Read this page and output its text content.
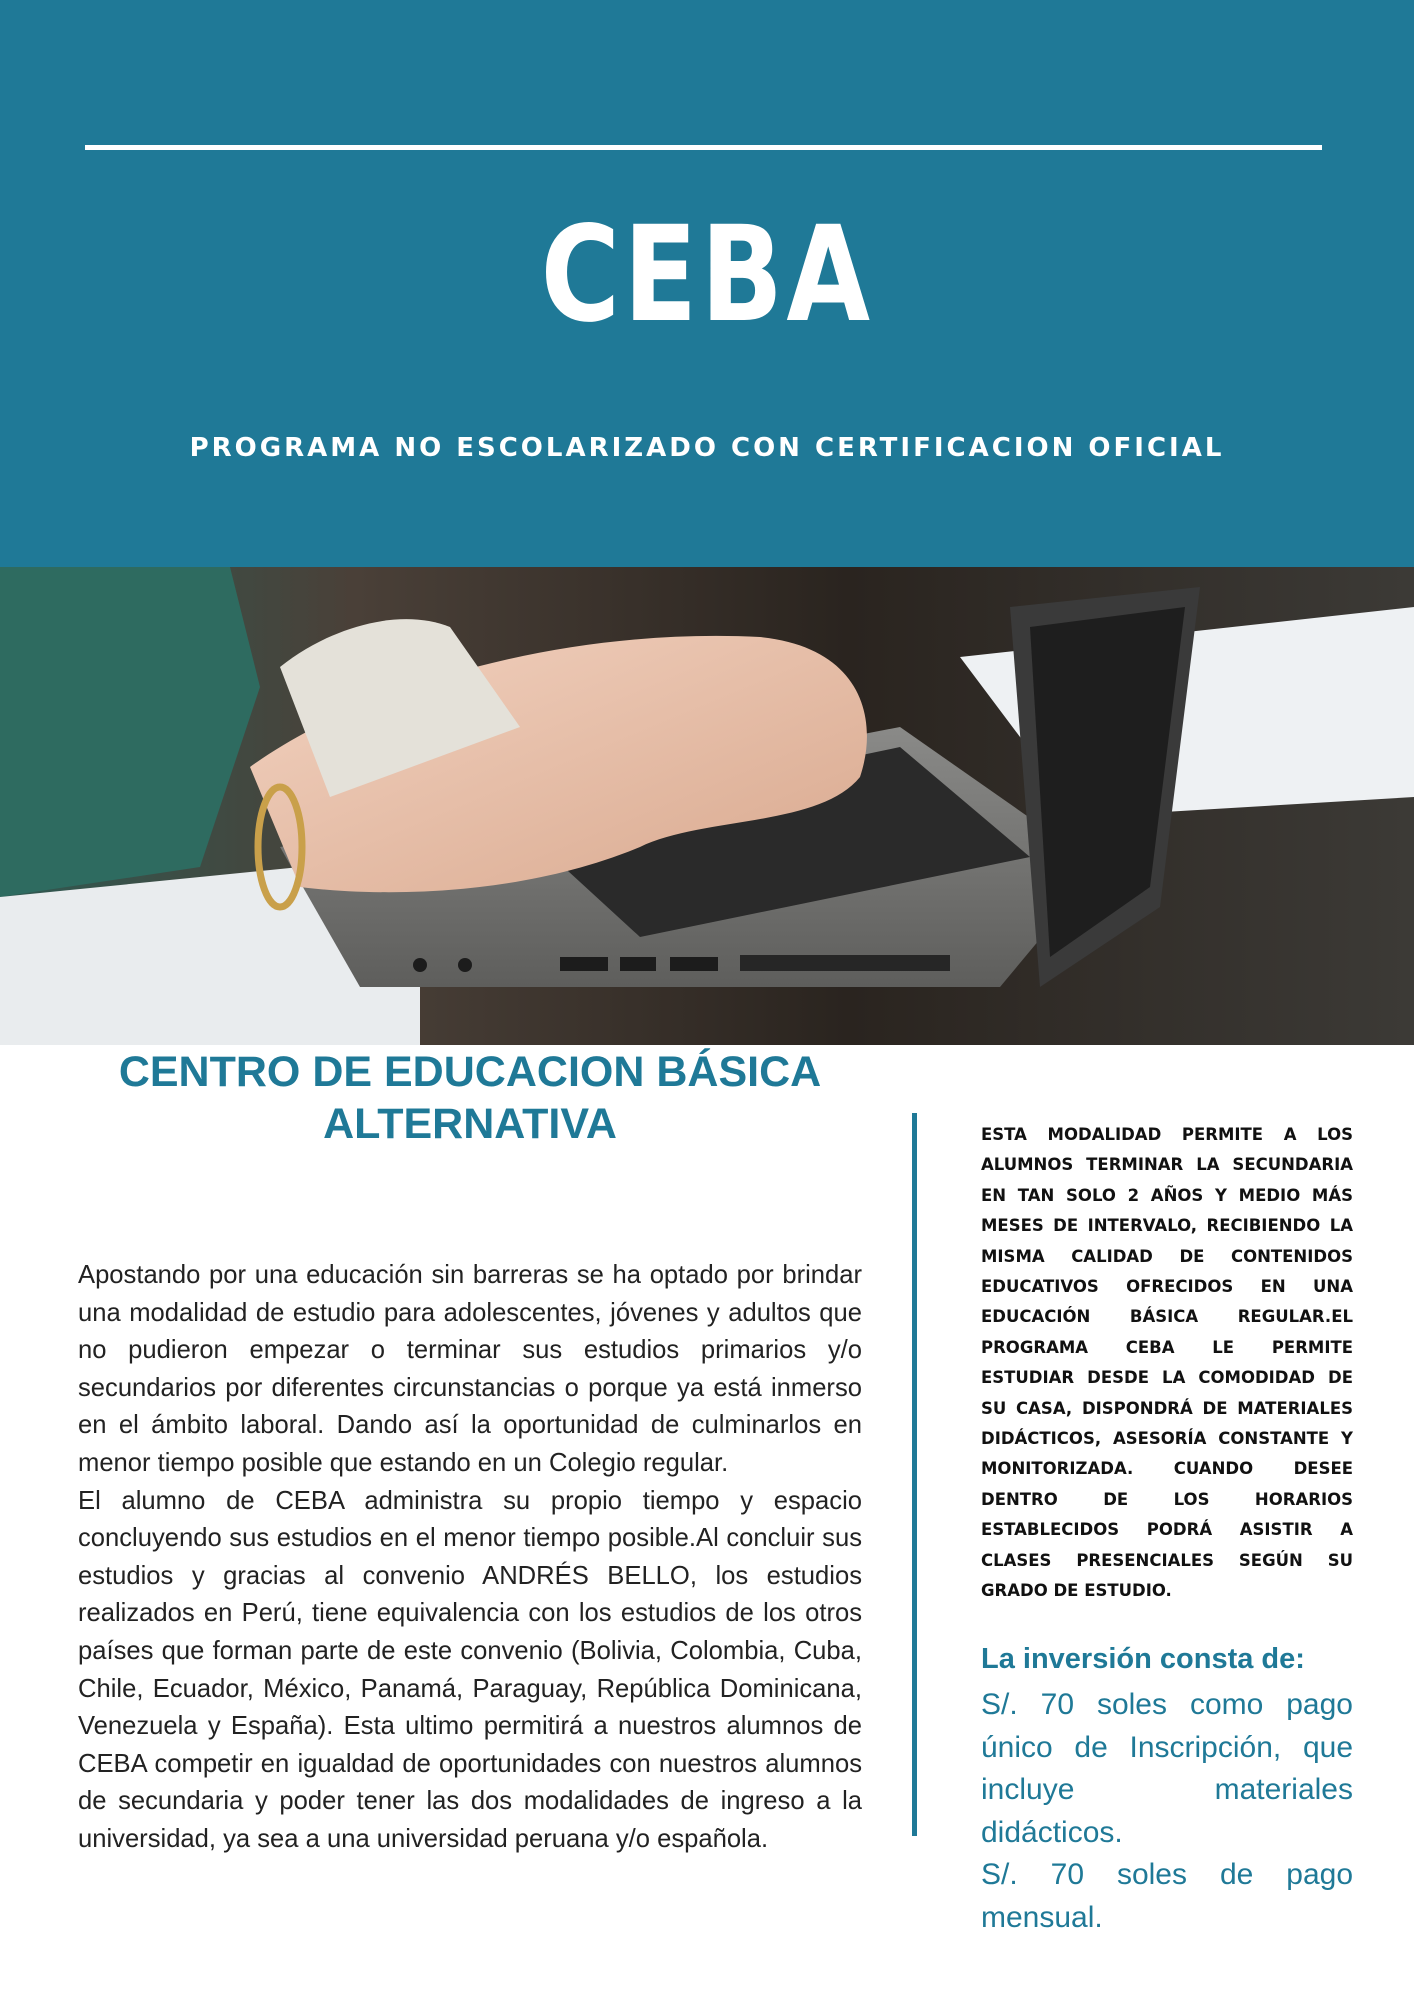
CEBA
PROGRAMA NO ESCOLARIZADO CON CERTIFICACION OFICIAL
CENTRO DE EDUCACION BÁSICA
ALTERNATIVA

Apostando por una educación sin barreras se ha optado por brindar una modalidad de estudio para adolescentes, jóvenes y adultos que no pudieron empezar o terminar sus estudios primarios y/o secundarios por diferentes circunstancias o porque ya está inmerso en el ámbito laboral. Dando así la oportunidad de culminarlos en menor tiempo posible que estando en un Colegio regular.

El alumno de CEBA administra su propio tiempo y espacio concluyendo sus estudios en el menor tiempo posible.Al concluir sus estudios y gracias al convenio ANDRÉS BELLO, los estudios realizados en Perú, tiene equivalencia con los estudios de los otros países que forman parte de este convenio (Bolivia, Colombia, Cuba, Chile, Ecuador, México, Panamá, Paraguay, República Dominicana, Venezuela y España). Esta ultimo permitirá a nuestros alumnos de CEBA competir en igualdad de oportunidades con nuestros alumnos de secundaria y poder tener las dos modalidades de ingreso a la universidad, ya sea a una universidad peruana y/o española.

ESTA MODALIDAD PERMITE A LOS ALUMNOS TERMINAR LA SECUNDARIA EN TAN SOLO 2 AÑOS Y MEDIO MÁS MESES DE INTERVALO, RECIBIENDO LA MISMA CALIDAD DE CONTENIDOS EDUCATIVOS OFRECIDOS EN UNA EDUCACIÓN BÁSICA REGULAR.EL PROGRAMA CEBA LE PERMITE ESTUDIAR DESDE LA COMODIDAD DE SU CASA, DISPONDRÁ DE MATERIALES DIDÁCTICOS, ASESORÍA CONSTANTE Y MONITORIZADA. CUANDO DESEE DENTRO DE LOS HORARIOS ESTABLECIDOS PODRÁ ASISTIR A CLASES PRESENCIALES SEGÚN SU GRADO DE ESTUDIO.

La inversión consta de:

S/. 70 soles como pago único de Inscripción, que incluye materiales didácticos.

S/. 70 soles de pago mensual.
